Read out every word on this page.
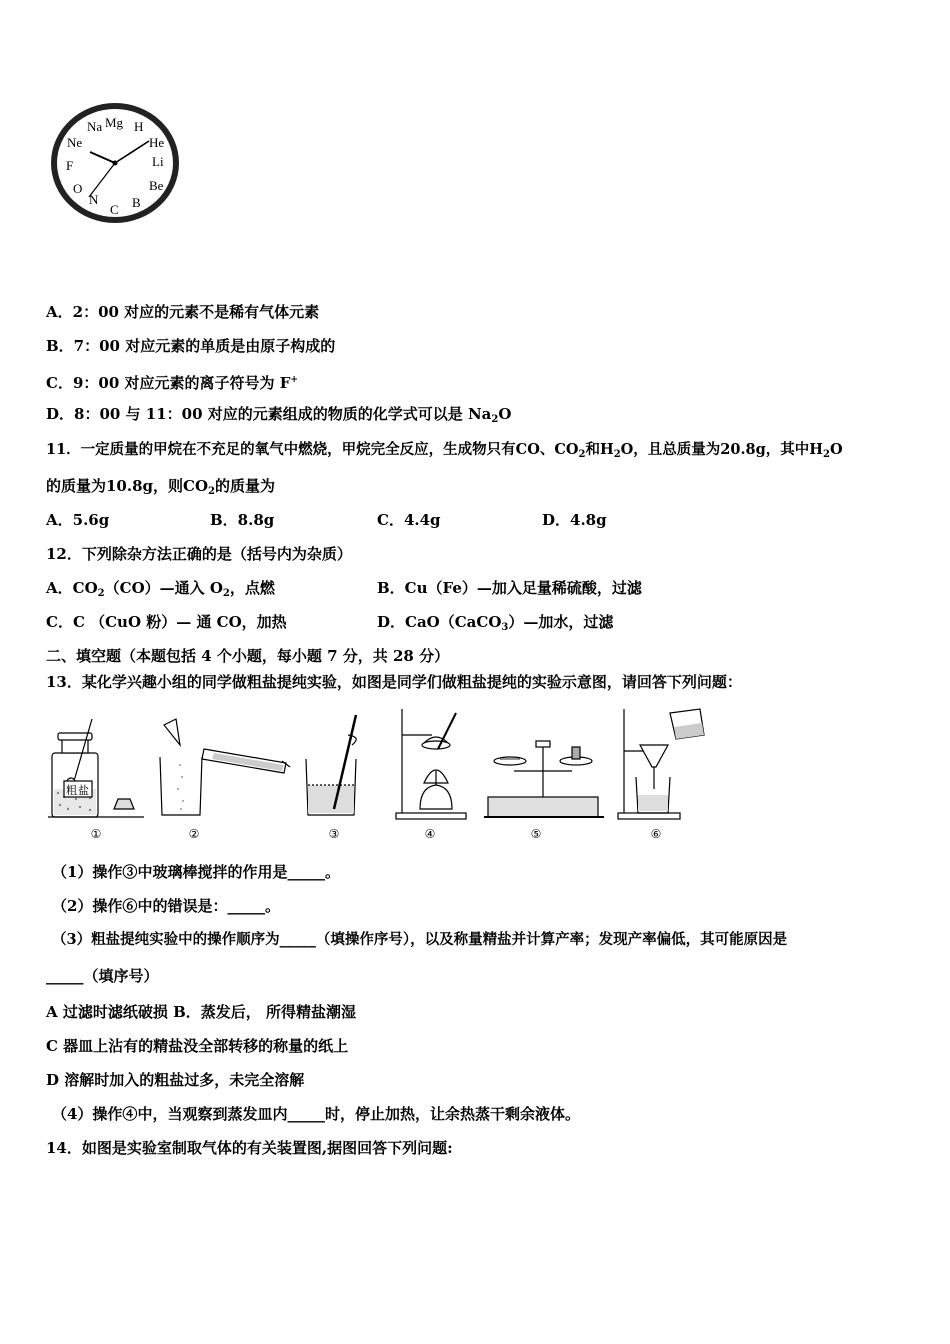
Na Mg H
Ne	He
Li
F
Be
O
N
C B
A．2：00 对应的元素不是稀有气体元素
B．7：00 对应元素的单质是由原子构成的
C．9：00 对应元素的离子符号为 F+
D．8：00 与 11：00 对应的元素组成的物质的化学式可以是 $Na_2O$
11．一定质量的甲烷在不充足的氧气中燃烧，甲烷完全反应，生成物只有CO、$CO_2$和$H_2O$，且总质量为20.8g，其中$H_2O$
的质量为10.8g，则$CO_2$的质量为
A．5.6g	B．8.8g	C．4.4g	D．4.8g
12．下列除杂方法正确的是（括号内为杂质）
A．$CO_2(CO)—$通入 $O_2$，点燃	B．Cu（Fe）—加入足量稀硫酸，过滤
C．C （CuO 粉）— 通 CO，加热	D．CaO（CaCO$_3$）—加水，过滤
二、填空题（本题包括 4 个小题，每小题 7 分，共 28 分）
13．某化学兴趣小组的同学做粗盐提纯实验，如图是同学们做粗盐提纯的实验示意图，请回答下列问题：
粗 盐
①	②	③	④	⑤	⑥
（1）操作③中玻璃棒搅拌的作用是_____。
（2）操作⑥中的错误是：_____。
（3）粗盐提纯实验中的操作顺序为_____（填操作序号），以及称量精盐并计算产率；发现产率偏低，其可能原因是
_____（填序号）
A 过滤时滤纸破损 B．蒸发后， 所得精盐潮湿
C 器皿上沾有的精盐没全部转移的称量的纸上
D 溶解时加入的粗盐过多，未完全溶解
（4）操作④中，当观察到蒸发皿内_____时，停止加热，让余热蒸干剩余液体。
14．如图是实验室制取气体的有关装置图,据图回答下列问题:
